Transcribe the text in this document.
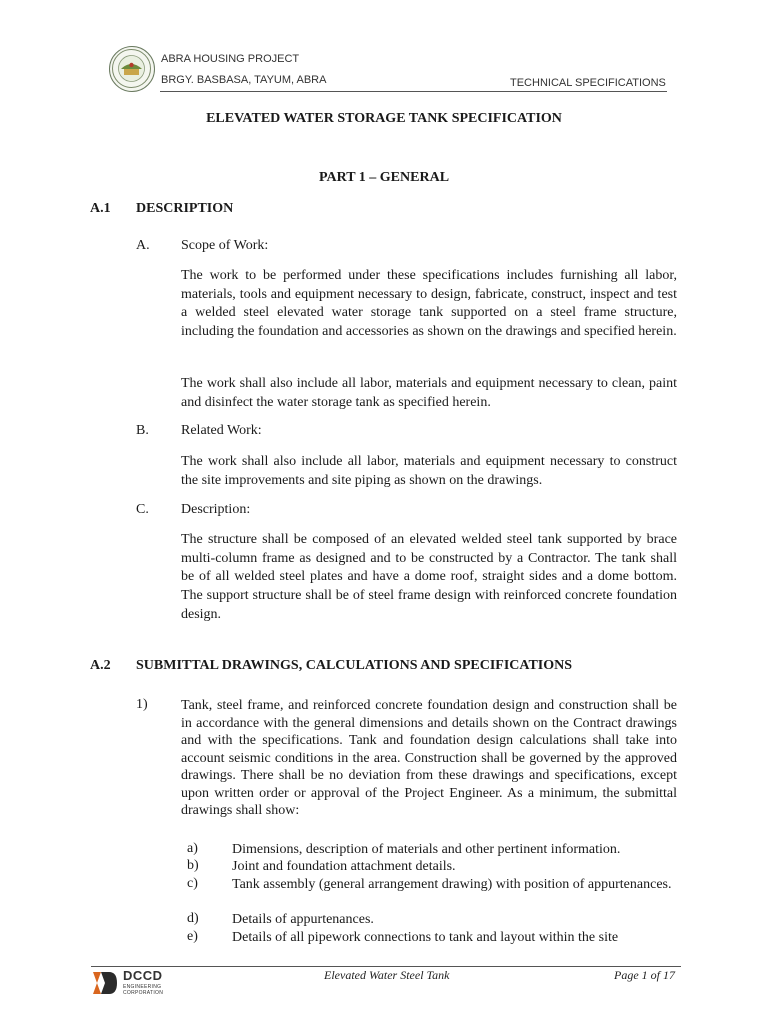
ABRA HOUSING PROJECT
BRGY. BASBASA, TAYUM, ABRA	TECHNICAL SPECIFICATIONS
ELEVATED WATER STORAGE TANK SPECIFICATION
PART 1 – GENERAL
A.1 DESCRIPTION
A. Scope of Work:
The work to be performed under these specifications includes furnishing all labor, materials, tools and equipment necessary to design, fabricate, construct, inspect and test a welded steel elevated water storage tank supported on a steel frame structure, including the foundation and accessories as shown on the drawings and specified herein.
The work shall also include all labor, materials and equipment necessary to clean, paint and disinfect the water storage tank as specified herein.
B. Related Work:
The work shall also include all labor, materials and equipment necessary to construct the site improvements and site piping as shown on the drawings.
C. Description:
The structure shall be composed of an elevated welded steel tank supported by brace multi-column frame as designed and to be constructed by a Contractor. The tank shall be of all welded steel plates and have a dome roof, straight sides and a dome bottom. The support structure shall be of steel frame design with reinforced concrete foundation design.
A.2 SUBMITTAL DRAWINGS, CALCULATIONS AND SPECIFICATIONS
1) Tank, steel frame, and reinforced concrete foundation design and construction shall be in accordance with the general dimensions and details shown on the Contract drawings and with the specifications. Tank and foundation design calculations shall take into account seismic conditions in the area. Construction shall be governed by the approved drawings. There shall be no deviation from these drawings and specifications, except upon written order or approval of the Project Engineer. As a minimum, the submittal drawings shall show:
a) Dimensions, description of materials and other pertinent information.
b) Joint and foundation attachment details.
c) Tank assembly (general arrangement drawing) with position of appurtenances.
d) Details of appurtenances.
e) Details of all pipework connections to tank and layout within the site
DCCD
ENGINEERING
CORPORATION
Elevated Water Steel Tank	Page 1 of 17
